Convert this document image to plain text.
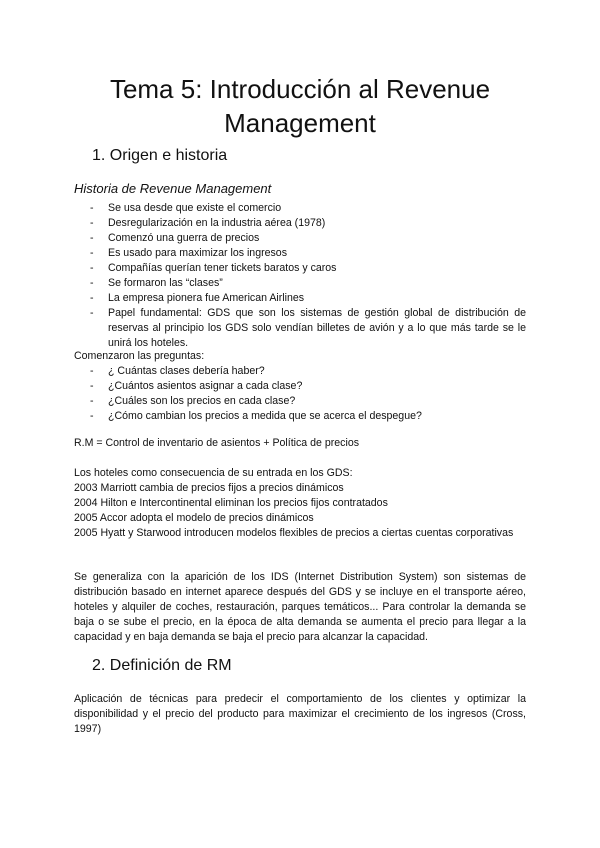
Tema 5: Introducción al Revenue
Management
1. Origen e historia
Historia de Revenue Management
- Se usa desde que existe el comercio
- Desregularización en la industria aérea (1978)
- Comenzó una guerra de precios
- Es usado para maximizar los ingresos
- Compañías querían tener tickets baratos y caros
- Se formaron las “clases”
- La empresa pionera fue American Airlines
- Papel fundamental: GDS que son los sistemas de gestión global de distribución de reservas al principio los GDS solo vendían billetes de avión y a lo que más tarde se le unirá los hoteles.
Comenzaron las preguntas:
- ¿ Cuántas clases debería haber?
- ¿Cuántos asientos asignar a cada clase?
- ¿Cuáles son los precios en cada clase?
- ¿Cómo cambian los precios a medida que se acerca el despegue?
R.M = Control de inventario de asientos + Política de precios
Los hoteles como consecuencia de su entrada en los GDS:
2003 Marriott cambia de precios fijos a precios dinámicos
2004 Hilton e Intercontinental eliminan los precios fijos contratados
2005 Accor adopta el modelo de precios dinámicos
2005 Hyatt y Starwood introducen modelos flexibles de precios a ciertas cuentas corporativas
Se generaliza con la aparición de los IDS (Internet Distribution System) son sistemas de distribución basado en internet aparece después del GDS y se incluye en el transporte aéreo, hoteles y alquiler de coches, restauración, parques temáticos... Para controlar la demanda se baja o se sube el precio, en la época de alta demanda se aumenta el precio para llegar a la capacidad y en baja demanda se baja el precio para alcanzar la capacidad.
2. Definición de RM
Aplicación de técnicas para predecir el comportamiento de los clientes y optimizar la disponibilidad y el precio del producto para maximizar el crecimiento de los ingresos (Cross, 1997)
